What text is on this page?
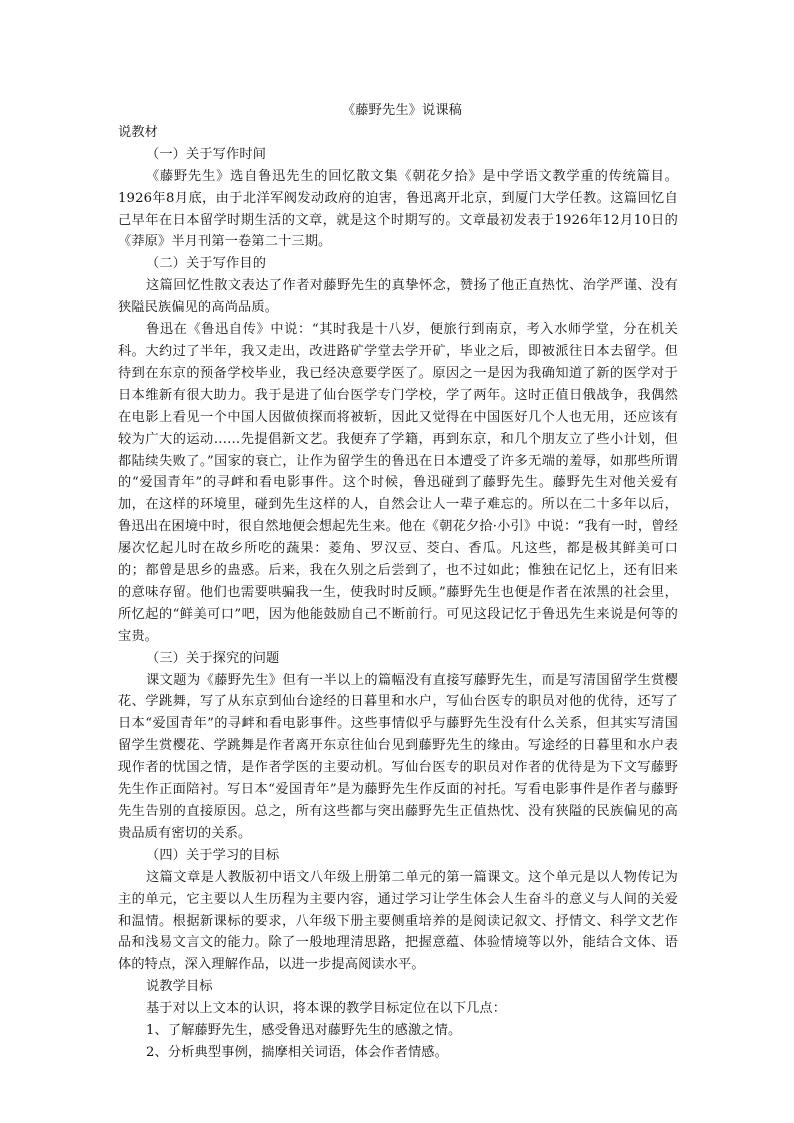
《藤野先生》说课稿

说教材

（一）关于写作时间

《藤野先生》选自鲁迅先生的回忆散文集《朝花夕拾》是中学语文教学重的传统篇目。1926年8月底，由于北洋军阀发动政府的迫害，鲁迅离开北京，到厦门大学任教。这篇回忆自己早年在日本留学时期生活的文章，就是这个时期写的。文章最初发表于1926年12月10日的《莽原》半月刊第一卷第二十三期。

（二）关于写作目的

这篇回忆性散文表达了作者对藤野先生的真挚怀念，赞扬了他正直热忱、治学严谨、没有狭隘民族偏见的高尚品质。

鲁迅在《鲁迅自传》中说：“其时我是十八岁，便旅行到南京，考入水师学堂，分在机关科。大约过了半年，我又走出，改进路矿学堂去学开矿，毕业之后，即被派往日本去留学。但待到在东京的预备学校毕业，我已经决意要学医了。原因之一是因为我确知道了新的医学对于日本维新有很大助力。我于是进了仙台医学专门学校，学了两年。这时正值日俄战争，我偶然在电影上看见一个中国人因做侦探而将被斩，因此又觉得在中国医好几个人也无用，还应该有较为广大的运动……先提倡新文艺。我便弃了学籍，再到东京，和几个朋友立了些小计划，但都陆续失败了。”国家的衰亡，让作为留学生的鲁迅在日本遭受了许多无端的羞辱，如那些所谓的“爱国青年”的寻衅和看电影事件。这个时候，鲁迅碰到了藤野先生。藤野先生对他关爱有加，在这样的环境里，碰到先生这样的人，自然会让人一辈子难忘的。所以在二十多年以后，鲁迅出在困境中时，很自然地便会想起先生来。他在《朝花夕拾·小引》中说：“我有一时，曾经屡次忆起儿时在故乡所吃的蔬果：菱角、罗汉豆、茭白、香瓜。凡这些，都是极其鲜美可口的；都曾是思乡的蛊惑。后来，我在久别之后尝到了，也不过如此；惟独在记忆上，还有旧来的意味存留。他们也需要哄骗我一生，使我时时反顾。”藤野先生也便是作者在浓黑的社会里，所忆起的“鲜美可口”吧，因为他能鼓励自己不断前行。可见这段记忆于鲁迅先生来说是何等的宝贵。

（三）关于探究的问题

课文题为《藤野先生》但有一半以上的篇幅没有直接写藤野先生，而是写清国留学生赏樱花、学跳舞，写了从东京到仙台途经的日暮里和水户，写仙台医专的职员对他的优待，还写了日本“爱国青年”的寻衅和看电影事件。这些事情似乎与藤野先生没有什么关系，但其实写清国留学生赏樱花、学跳舞是作者离开东京往仙台见到藤野先生的缘由。写途经的日暮里和水户表现作者的忧国之情，是作者学医的主要动机。写仙台医专的职员对作者的优待是为下文写藤野先生作正面陪衬。写日本“爱国青年”是为藤野先生作反面的衬托。写看电影事件是作者与藤野先生告别的直接原因。总之，所有这些都与突出藤野先生正值热忱、没有狭隘的民族偏见的高贵品质有密切的关系。

（四）关于学习的目标

这篇文章是人教版初中语文八年级上册第二单元的第一篇课文。这个单元是以人物传记为主的单元，它主要以人生历程为主要内容，通过学习让学生体会人生奋斗的意义与人间的关爱和温情。根据新课标的要求，八年级下册主要侧重培养的是阅读记叙文、抒情文、科学文艺作品和浅易文言文的能力。除了一般地理清思路，把握意蕴、体验情境等以外，能结合文体、语体的特点，深入理解作品，以进一步提高阅读水平。

说教学目标

基于对以上文本的认识，将本课的教学目标定位在以下几点：

1、了解藤野先生，感受鲁迅对藤野先生的感激之情。

2、分析典型事例，揣摩相关词语，体会作者情感。
